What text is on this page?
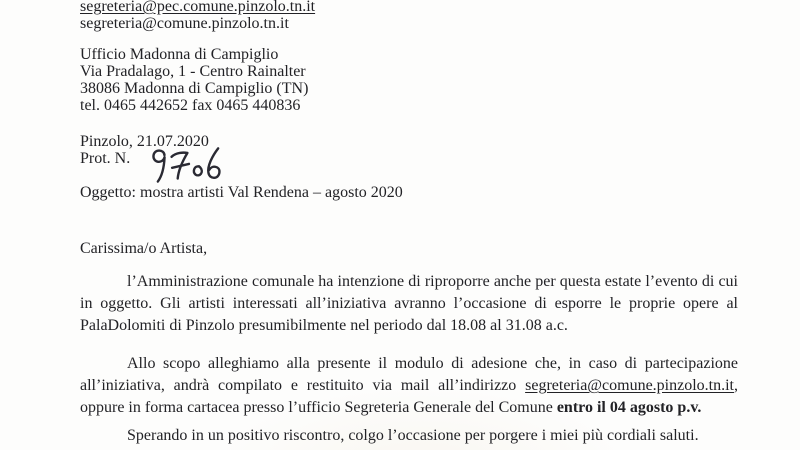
segreteria@pec.comune.pinzolo.tn.it
segreteria@comune.pinzolo.tn.it
Ufficio Madonna di Campiglio
Via Pradalago, 1 - Centro Rainalter
38086 Madonna di Campiglio (TN)
tel. 0465 442652 fax 0465 440836
Pinzolo, 21.07.2020
Prot. N.
Oggetto: mostra artisti Val Rendena – agosto 2020
Carissima/o Artista,
l’Amministrazione comunale ha intenzione di riproporre anche per questa estate l’evento di cui in oggetto. Gli artisti interessati all’iniziativa avranno l’occasione di esporre le proprie opere al PalaDolomiti di Pinzolo presumibilmente nel periodo dal 18.08 al 31.08 a.c.
Allo scopo alleghiamo alla presente il modulo di adesione che, in caso di partecipazione all’iniziativa, andrà compilato e restituito via mail all’indirizzo segreteria@comune.pinzolo.tn.it, oppure in forma cartacea presso l’ufficio Segreteria Generale del Comune entro il 04 agosto p.v.
Sperando in un positivo riscontro, colgo l’occasione per porgere i miei più cordiali saluti.
